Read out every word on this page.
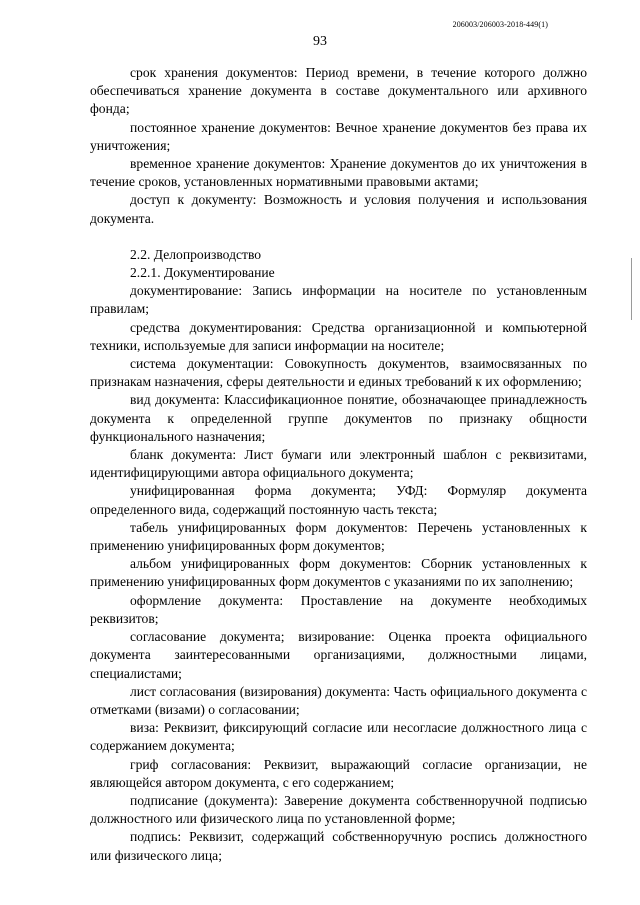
206003/206003-2018-449(1)
93

срок хранения документов: Период времени, в течение которого должно обеспечиваться хранение документа в составе документального или архивного фонда;

постоянное хранение документов: Вечное хранение документов без права их уничтожения;

временное хранение документов: Хранение документов до их уничтожения в течение сроков, установленных нормативными правовыми актами;

доступ к документу: Возможность и условия получения и использования документа.

2.2. Делопроизводство

2.2.1. Документирование

документирование: Запись информации на носителе по установленным правилам;

средства документирования: Средства организационной и компьютерной техники, используемые для записи информации на носителе;

система документации: Совокупность документов, взаимосвязанных по признакам назначения, сферы деятельности и единых требований к их оформлению;

вид документа: Классификационное понятие, обозначающее принадлежность документа к определенной группе документов по признаку общности функционального назначения;

бланк документа: Лист бумаги или электронный шаблон с реквизитами, идентифицирующими автора официального документа;

унифицированная форма документа; УФД: Формуляр документа определенного вида, содержащий постоянную часть текста;

табель унифицированных форм документов: Перечень установленных к применению унифицированных форм документов;

альбом унифицированных форм документов: Сборник установленных к применению унифицированных форм документов с указаниями по их заполнению;

оформление документа: Проставление на документе необходимых реквизитов;

согласование документа; визирование: Оценка проекта официального документа заинтересованными организациями, должностными лицами, специалистами;

лист согласования (визирования) документа: Часть официального документа с отметками (визами) о согласовании;

виза: Реквизит, фиксирующий согласие или несогласие должностного лица с содержанием документа;

гриф согласования: Реквизит, выражающий согласие организации, не являющейся автором документа, с его содержанием;

подписание (документа): Заверение документа собственноручной подписью должностного или физического лица по установленной форме;

подпись: Реквизит, содержащий собственноручную роспись должностного или физического лица;
